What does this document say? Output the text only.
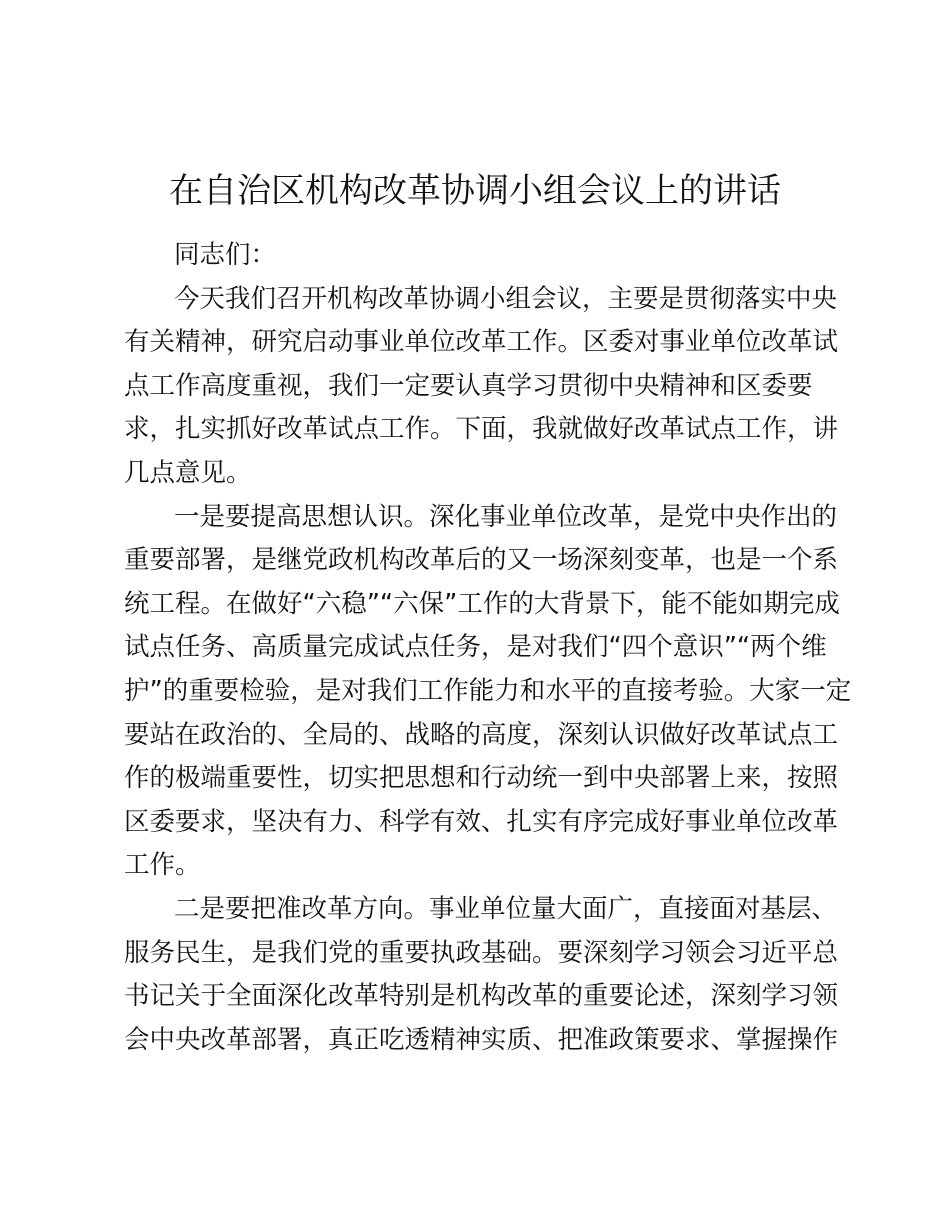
在自治区机构改革协调小组会议上的讲话
同志们：
今天我们召开机构改革协调小组会议，主要是贯彻落实中央
有关精神，研究启动事业单位改革工作。区委对事业单位改革试
点工作高度重视，我们一定要认真学习贯彻中央精神和区委要
求，扎实抓好改革试点工作。下面，我就做好改革试点工作，讲
几点意见。
一是要提高思想认识。深化事业单位改革，是党中央作出的
重要部署，是继党政机构改革后的又一场深刻变革，也是一个系
统工程。在做好“六稳”“六保”工作的大背景下，能不能如期完成
试点任务、高质量完成试点任务，是对我们“四个意识”“两个维
护”的重要检验，是对我们工作能力和水平的直接考验。大家一定
要站在政治的、全局的、战略的高度，深刻认识做好改革试点工
作的极端重要性，切实把思想和行动统一到中央部署上来，按照
区委要求，坚决有力、科学有效、扎实有序完成好事业单位改革
工作。
二是要把准改革方向。事业单位量大面广，直接面对基层、
服务民生，是我们党的重要执政基础。要深刻学习领会习近平总
书记关于全面深化改革特别是机构改革的重要论述，深刻学习领
会中央改革部署，真正吃透精神实质、把准政策要求、掌握操作
